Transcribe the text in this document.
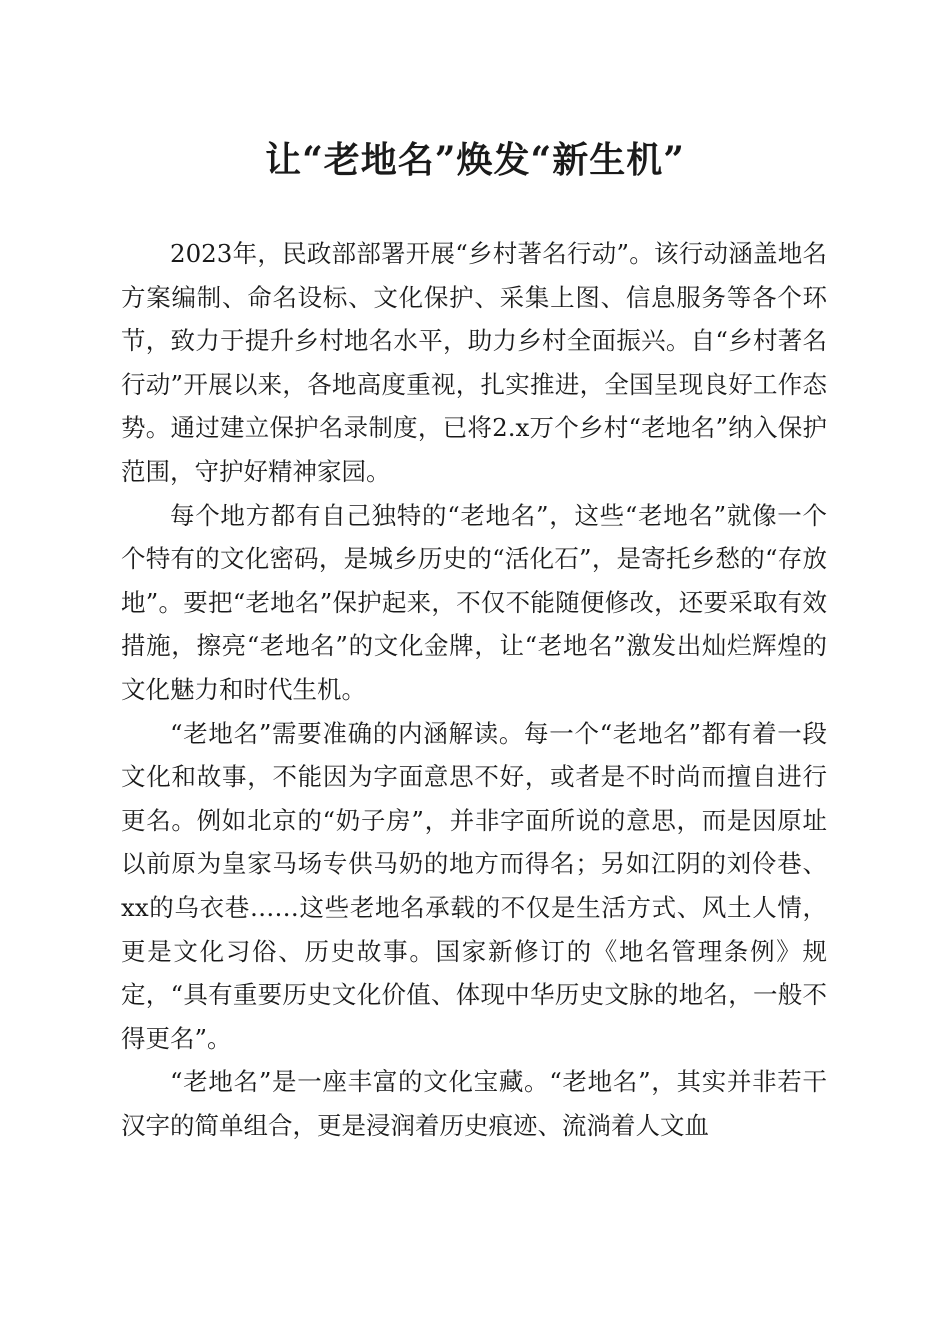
让“老地名”焕发“新生机”

2023年，民政部部署开展“乡村著名行动”。该行动涵盖地名方案编制、命名设标、文化保护、采集上图、信息服务等各个环节，致力于提升乡村地名水平，助力乡村全面振兴。自“乡村著名行动”开展以来，各地高度重视，扎实推进，全国呈现良好工作态势。通过建立保护名录制度，已将2.x万个乡村“老地名”纳入保护范围，守护好精神家园。

每个地方都有自己独特的“老地名”，这些“老地名”就像一个个特有的文化密码，是城乡历史的“活化石”，是寄托乡愁的“存放地”。要把“老地名”保护起来，不仅不能随便修改，还要采取有效措施，擦亮“老地名”的文化金牌，让“老地名”激发出灿烂辉煌的文化魅力和时代生机。

“老地名”需要准确的内涵解读。每一个“老地名”都有着一段文化和故事，不能因为字面意思不好，或者是不时尚而擅自进行更名。例如北京的“奶子房”，并非字面所说的意思，而是因原址以前原为皇家马场专供马奶的地方而得名；另如江阴的刘伶巷、xx的乌衣巷……这些老地名承载的不仅是生活方式、风土人情，更是文化习俗、历史故事。国家新修订的《地名管理条例》规定，“具有重要历史文化价值、体现中华历史文脉的地名，一般不得更名”。

“老地名”是一座丰富的文化宝藏。“老地名”，其实并非若干汉字的简单组合，更是浸润着历史痕迹、流淌着人文血
